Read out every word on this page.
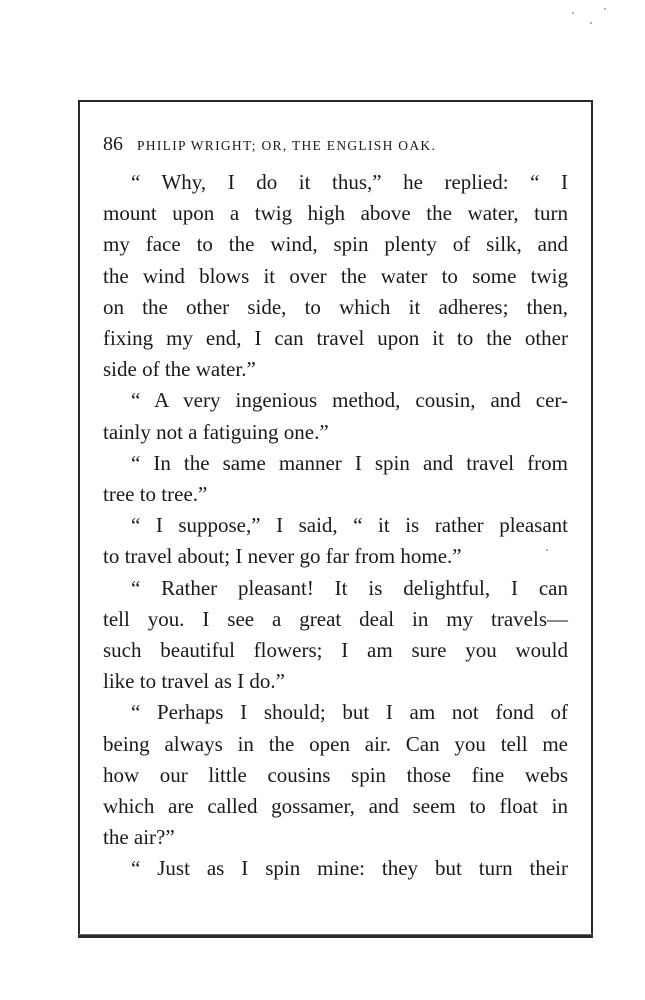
86 PHILIP WRIGHT; OR, THE ENGLISH OAK.

“ Why, I do it thus,” he replied: “ I
mount upon a twig high above the water, turn
my face to the wind, spin plenty of silk, and
the wind blows it over the water to some twig
on the other side, to which it adheres; then,
fixing my end, I can travel upon it to the other
side of the water.”

“ A very ingenious method, cousin, and cer-
tainly not a fatiguing one.”

“ In the same manner I spin and travel from
tree to tree.”

“ I suppose,” I said, “ it is rather pleasant
to travel about; I never go far from home.”

“ Rather pleasant! It is delightful, I can
tell you. I see a great deal in my travels—
such beautiful flowers; I am sure you would
like to travel as I do.”

“ Perhaps I should; but I am not fond of
being always in the open air. Can you tell me
how our little cousins spin those fine webs
which are called gossamer, and seem to float in
the air?”

“ Just as I spin mine: they but turn their
